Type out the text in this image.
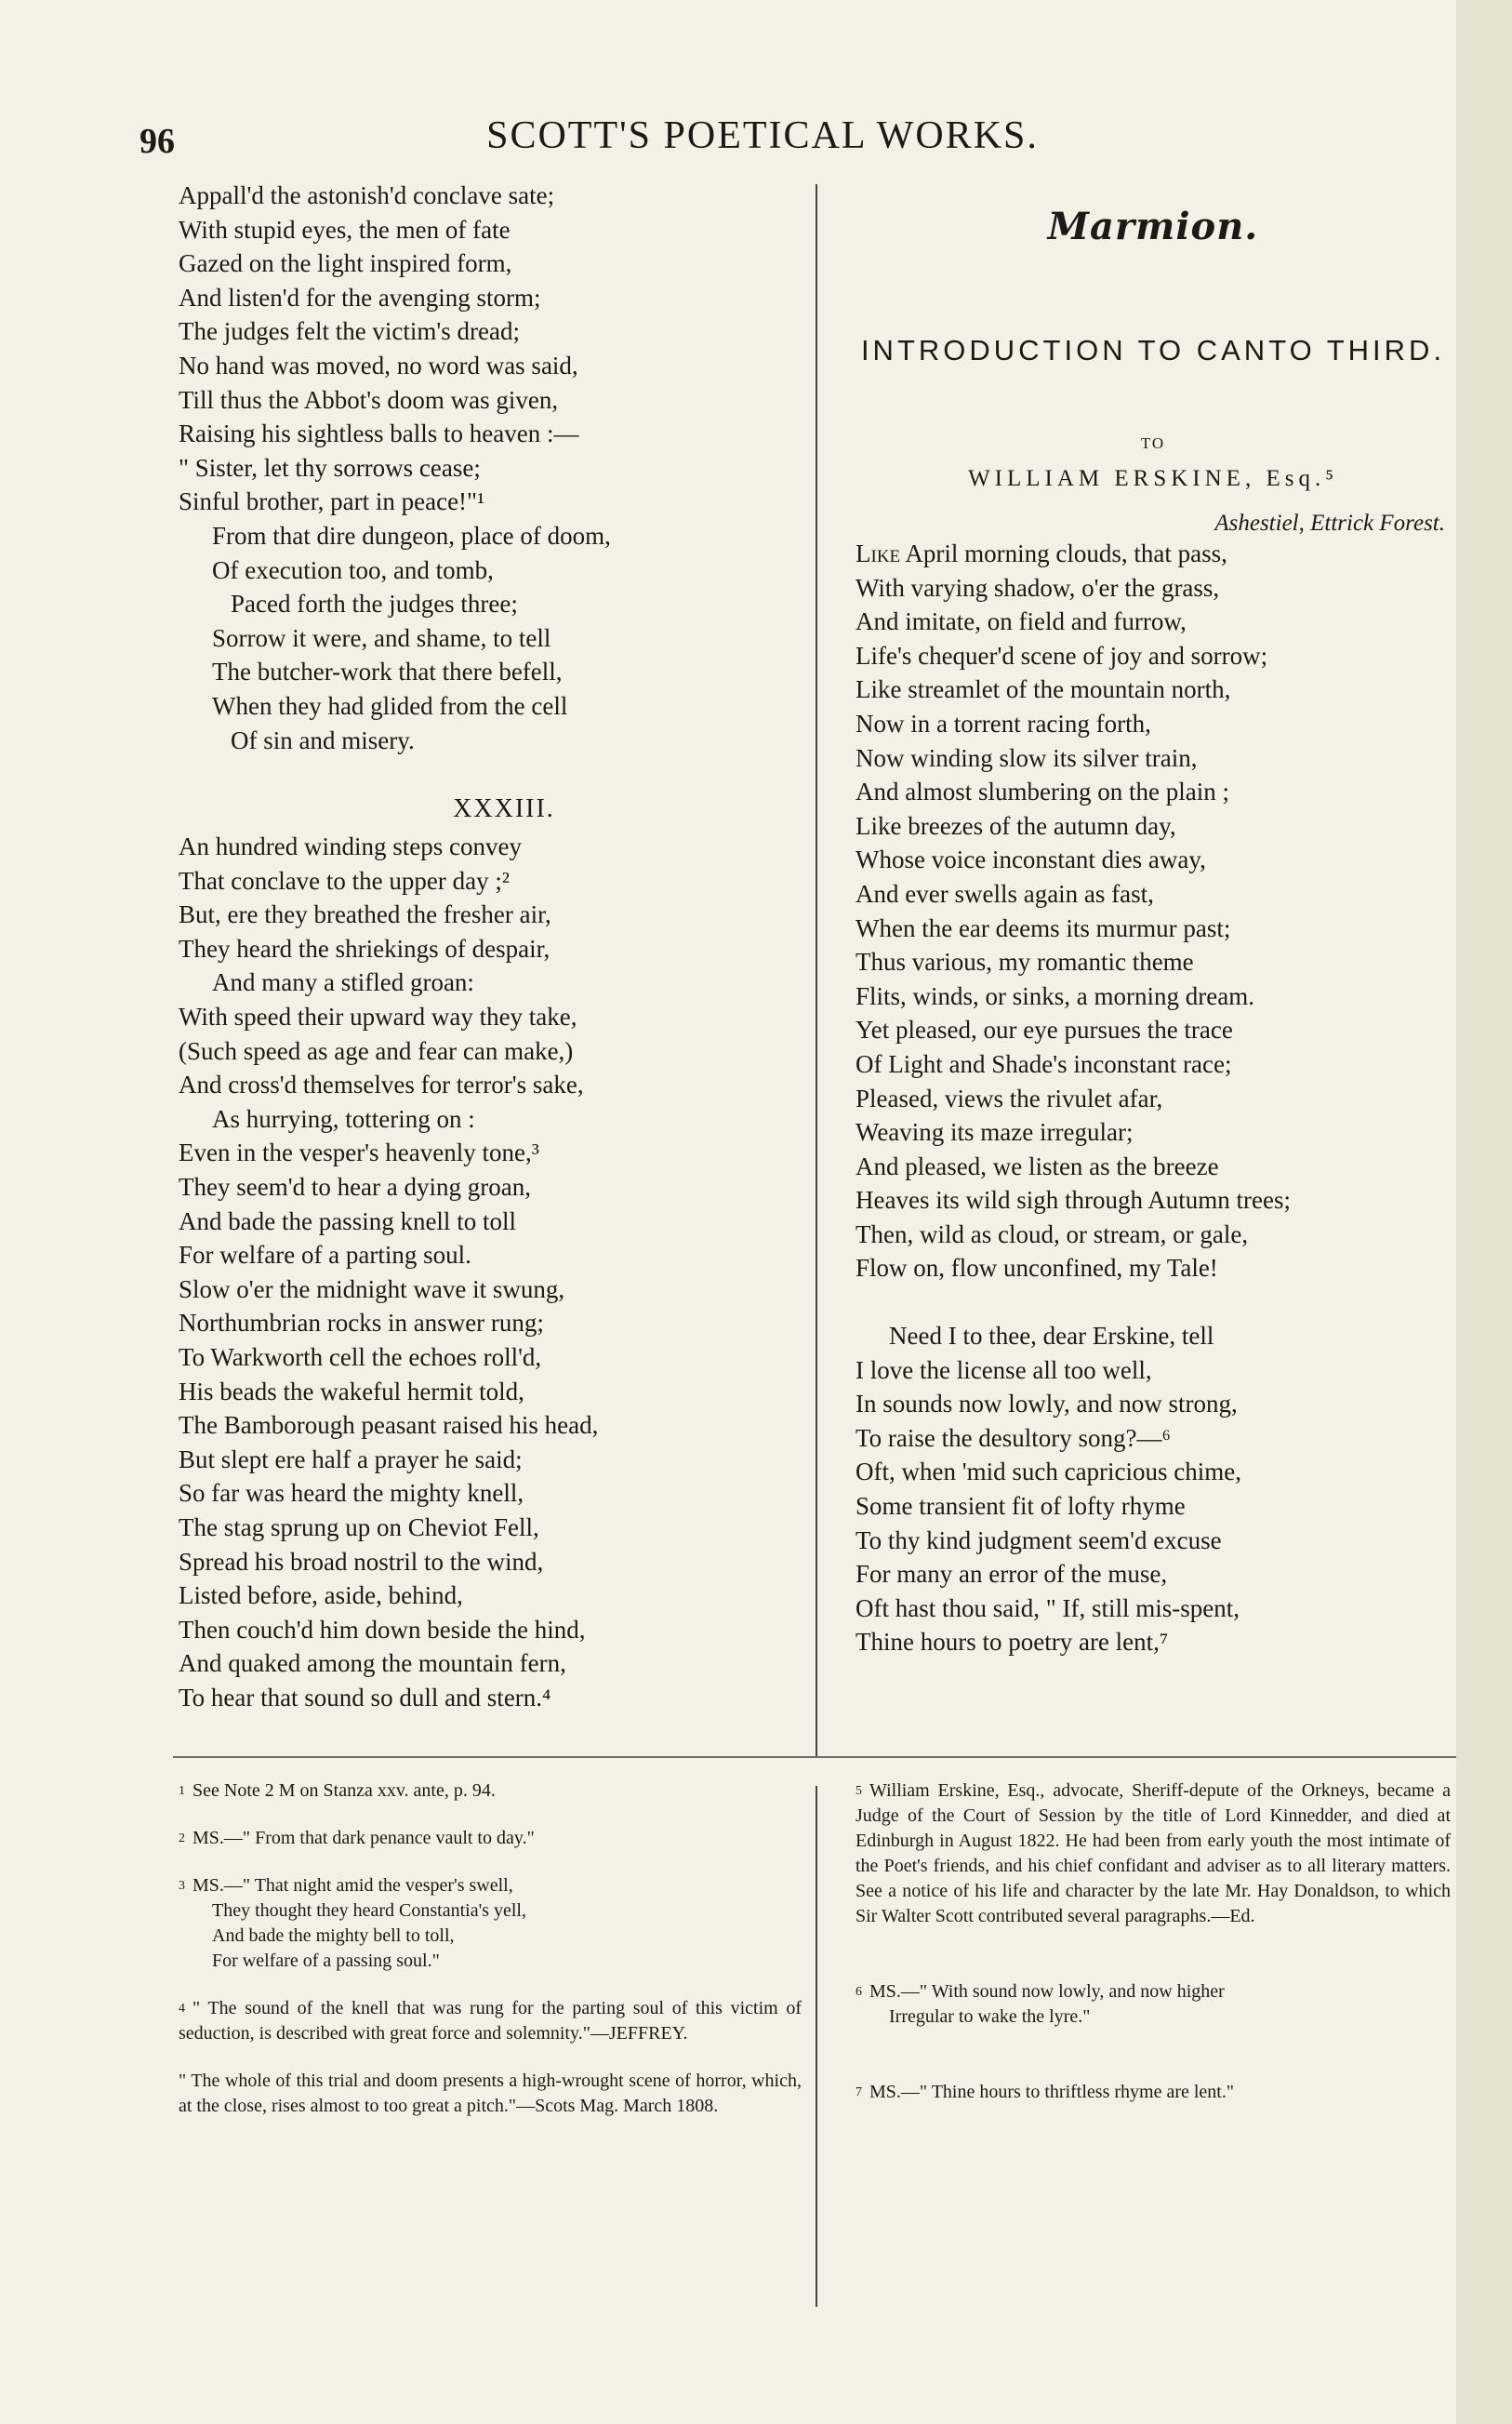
96	SCOTT'S POETICAL WORKS.
Appall'd the astonish'd conclave sate;
With stupid eyes, the men of fate
Gazed on the light inspired form,
And listen'd for the avenging storm;
The judges felt the victim's dread;
No hand was moved, no word was said,
Till thus the Abbot's doom was given,
Raising his sightless balls to heaven :—
" Sister, let thy sorrows cease;
Sinful brother, part in peace!"¹
From that dire dungeon, place of doom,
Of execution too, and tomb,
Paced forth the judges three;
Sorrow it were, and shame, to tell
The butcher-work that there befell,
When they had glided from the cell
Of sin and misery.
XXXIII.
An hundred winding steps convey
That conclave to the upper day ;²
But, ere they breathed the fresher air,
They heard the shriekings of despair,
And many a stifled groan:
With speed their upward way they take,
(Such speed as age and fear can make,)
And cross'd themselves for terror's sake,
As hurrying, tottering on :
Even in the vesper's heavenly tone,³
They seem'd to hear a dying groan,
And bade the passing knell to toll
For welfare of a parting soul.
Slow o'er the midnight wave it swung,
Northumbrian rocks in answer rung;
To Warkworth cell the echoes roll'd,
His beads the wakeful hermit told,
The Bamborough peasant raised his head,
But slept ere half a prayer he said;
So far was heard the mighty knell,
The stag sprung up on Cheviot Fell,
Spread his broad nostril to the wind,
Listed before, aside, behind,
Then couch'd him down beside the hind,
And quaked among the mountain fern,
To hear that sound so dull and stern.⁴
Marmion.
INTRODUCTION TO CANTO THIRD.
TO
WILLIAM ERSKINE, Esq.⁵
Ashestiel, Ettrick Forest.
Like April morning clouds, that pass,
With varying shadow, o'er the grass,
And imitate, on field and furrow,
Life's chequer'd scene of joy and sorrow;
Like streamlet of the mountain north,
Now in a torrent racing forth,
Now winding slow its silver train,
And almost slumbering on the plain ;
Like breezes of the autumn day,
Whose voice inconstant dies away,
And ever swells again as fast,
When the ear deems its murmur past;
Thus various, my romantic theme
Flits, winds, or sinks, a morning dream.
Yet pleased, our eye pursues the trace
Of Light and Shade's inconstant race;
Pleased, views the rivulet afar,
Weaving its maze irregular;
And pleased, we listen as the breeze
Heaves its wild sigh through Autumn trees;
Then, wild as cloud, or stream, or gale,
Flow on, flow unconfined, my Tale!
Need I to thee, dear Erskine, tell
I love the license all too well,
In sounds now lowly, and now strong,
To raise the desultory song?—⁶
Oft, when 'mid such capricious chime,
Some transient fit of lofty rhyme
To thy kind judgment seem'd excuse
For many an error of the muse,
Oft hast thou said, " If, still mis-spent,
Thine hours to poetry are lent,⁷
$^1$ See Note 2 M on Stanza xxv. ante, p. 94.
$^2$ MS.—" From that dark penance vault to day."
$^3$ MS.—" That night amid the vesper's swell,
They thought they heard Constantia's yell,
And bade the mighty bell to toll,
For welfare of a passing soul."
$^4$ " The sound of the knell that was rung for the parting soul of this victim of seduction, is described with great force and solemnity."—JEFFREY.
" The whole of this trial and doom presents a high-wrought scene of horror, which, at the close, rises almost to too great a pitch."—Scots Mag. March 1808.
$^5$ William Erskine, Esq., advocate, Sheriff-depute of the Orkneys, became a Judge of the Court of Session by the title of Lord Kinnedder, and died at Edinburgh in August 1822. He had been from early youth the most intimate of the Poet's friends, and his chief confidant and adviser as to all literary matters. See a notice of his life and character by the late Mr. Hay Donaldson, to which Sir Walter Scott contributed several paragraphs.—Ed.
$^6$ MS.—" With sound now lowly, and now higher
Irregular to wake the lyre."
$^7$ MS.—" Thine hours to thriftless rhyme are lent."
